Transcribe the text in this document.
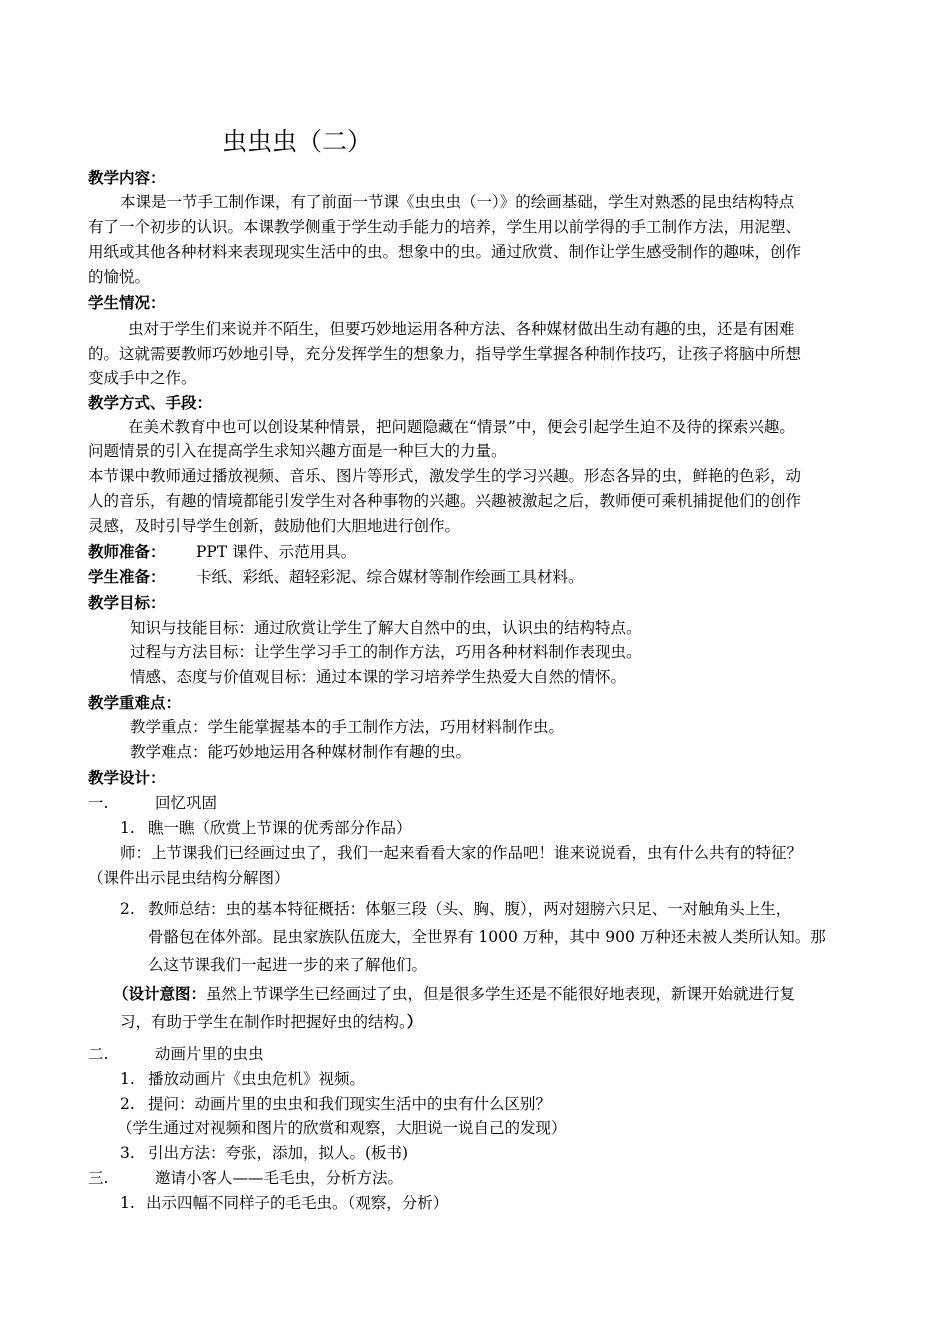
虫虫虫（二）
教学内容：
本课是一节手工制作课，有了前面一节课《虫虫虫（一）》的绘画基础，学生对熟悉的昆虫结构特点
有了一个初步的认识。本课教学侧重于学生动手能力的培养，学生用以前学得的手工制作方法，用泥塑、
用纸或其他各种材料来表现现实生活中的虫。想象中的虫。通过欣赏、制作让学生感受制作的趣味，创作
的愉悦。
学生情况：
虫对于学生们来说并不陌生，但要巧妙地运用各种方法、各种媒材做出生动有趣的虫，还是有困难
的。这就需要教师巧妙地引导，充分发挥学生的想象力，指导学生掌握各种制作技巧，让孩子将脑中所想
变成手中之作。
教学方式、手段：
在美术教育中也可以创设某种情景，把问题隐藏在“情景”中，便会引起学生迫不及待的探索兴趣。
问题情景的引入在提高学生求知兴趣方面是一种巨大的力量。
本节课中教师通过播放视频、音乐、图片等形式，激发学生的学习兴趣。形态各异的虫，鲜艳的色彩，动
人的音乐，有趣的情境都能引发学生对各种事物的兴趣。兴趣被激起之后，教师便可乘机捕捉他们的创作
灵感，及时引导学生创新，鼓励他们大胆地进行创作。
教师准备： PPT 课件、示范用具。
学生准备： 卡纸、彩纸、超轻彩泥、综合媒材等制作绘画工具材料。
教学目标：
知识与技能目标：通过欣赏让学生了解大自然中的虫，认识虫的结构特点。
过程与方法目标：让学生学习手工的制作方法，巧用各种材料制作表现虫。
情感、态度与价值观目标：通过本课的学习培养学生热爱大自然的情怀。
教学重难点：
教学重点：学生能掌握基本的手工制作方法，巧用材料制作虫。
教学难点：能巧妙地运用各种媒材制作有趣的虫。
教学设计：
一.	回忆巩固
1. 瞧一瞧（欣赏上节课的优秀部分作品）
师：上节课我们已经画过虫了，我们一起来看看大家的作品吧！谁来说说看，虫有什么共有的特征？
（课件出示昆虫结构分解图）
2. 教师总结：虫的基本特征概括：体躯三段（头、胸、腹），两对翅膀六只足、一对触角头上生，
骨骼包在体外部。昆虫家族队伍庞大，全世界有 1000 万种，其中 900 万种还未被人类所认知。那
么这节课我们一起进一步的来了解他们。
（设计意图：虽然上节课学生已经画过了虫，但是很多学生还是不能很好地表现，新课开始就进行复
习，有助于学生在制作时把握好虫的结构。）
二.	动画片里的虫虫
1. 播放动画片《虫虫危机》视频。
2. 提问：动画片里的虫虫和我们现实生活中的虫有什么区别？
（学生通过对视频和图片的欣赏和观察，大胆说一说自己的发现）
3. 引出方法：夸张，添加，拟人。(板书)
三.	邀请小客人——毛毛虫，分析方法。
1. 出示四幅不同样子的毛毛虫。（观察，分析）
